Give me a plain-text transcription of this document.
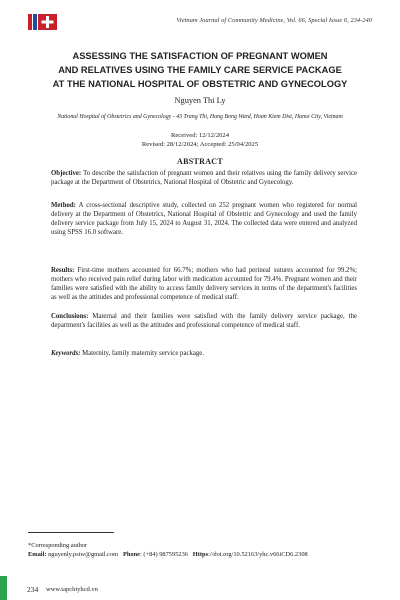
Vietnam Journal of Community Medicine, Vol. 66, Special Issue 6, 234-240
ASSESSING THE SATISFACTION OF PREGNANT WOMEN
AND RELATIVES USING THE FAMILY CARE SERVICE PACKAGE
AT THE NATIONAL HOSPITAL OF OBSTETRIC AND GYNECOLOGY
Nguyen Thi Ly
National Hospital of Obstetrics and Gynecology - 43 Trang Thi, Hang Bong Ward, Hoan Kiem Dist, Hanoi City, Vietnam
Received: 12/12/2024
Revised: 28/12/2024; Accepted: 25/04/2025
ABSTRACT
Objective: To describe the satisfaction of pregnant women and their relatives using the family delivery service package at the Department of Obstetrics, National Hospital of Obstetric and Gynecology.
Method: A cross-sectional descriptive study, collected on 252 pregnant women who registered for normal delivery at the Department of Obstetrics, National Hospital of Obstetric and Gynecology and used the family delivery service package from July 15, 2024 to August 31, 2024. The collected data were entered and analyzed using SPSS 16.0 software.
Results: First-time mothers accounted for 66.7%; mothers who had perineal sutures accounted for 99.2%; mothers who received pain relief during labor with medication accounted for 79.4%. Pregnant women and their families were satisfied with the ability to access family delivery services in terms of the department's facilities as well as the attitudes and professional competence of medical staff.
Conclusions: Maternal and their families were satisfied with the family delivery service package, the department's facilities as well as the attitudes and professional competence of medical staff.
Keywords: Maternity, family maternity service package.
*Corresponding author
Email: nguyenly.pstw@gmail.com Phone: (+84) 987595236 Https://doi.org/10.52163/yhc.v66iCD6.2308
234 www.tapchiyhcd.vn
